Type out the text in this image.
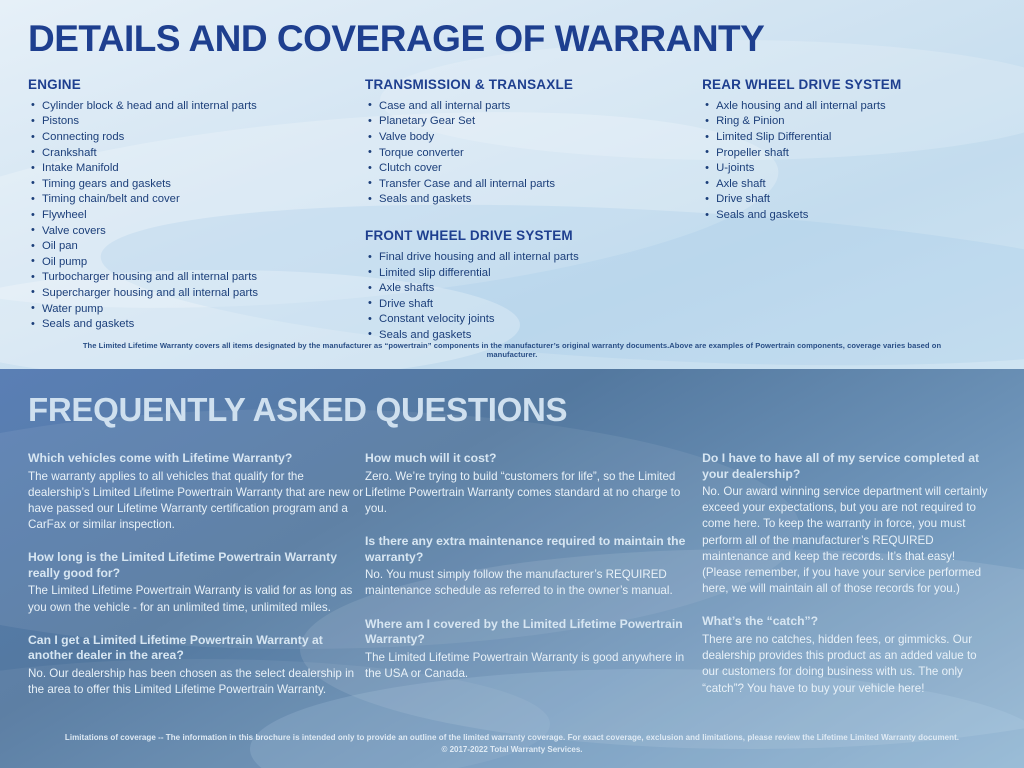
DETAILS AND COVERAGE OF WARRANTY
ENGINE
• Cylinder block & head and all internal parts
• Pistons
• Connecting rods
• Crankshaft
• Intake Manifold
• Timing gears and gaskets
• Timing chain/belt and cover
• Flywheel
• Valve covers
• Oil pan
• Oil pump
• Turbocharger housing and all internal parts
• Supercharger housing and all internal parts
• Water pump
• Seals and gaskets
TRANSMISSION & TRANSAXLE
• Case and all internal parts
• Planetary Gear Set
• Valve body
• Torque converter
• Clutch cover
• Transfer Case and all internal parts
• Seals and gaskets
FRONT WHEEL DRIVE SYSTEM
• Final drive housing and all internal parts
• Limited slip differential
• Axle shafts
• Drive shaft
• Constant velocity joints
• Seals and gaskets
REAR WHEEL DRIVE SYSTEM
• Axle housing and all internal parts
• Ring & Pinion
• Limited Slip Differential
• Propeller shaft
• U-joints
• Axle shaft
• Drive shaft
• Seals and gaskets
The Limited Lifetime Warranty covers all items designated by the manufacturer as “powertrain” components in the manufacturer’s original warranty documents.Above are examples of Powertrain components, coverage varies based on manufacturer.
FREQUENTLY ASKED QUESTIONS
Which vehicles come with Lifetime Warranty?
The warranty applies to all vehicles that qualify for the dealership’s Limited Lifetime Powertrain Warranty that are new or have passed our Lifetime Warranty certification program and a CarFax or similar inspection.
How long is the Limited Lifetime Powertrain Warranty really good for?
The Limited Lifetime Powertrain Warranty is valid for as long as you own the vehicle - for an unlimited time, unlimited miles.
Can I get a Limited Lifetime Powertrain Warranty at another dealer in the area?
No. Our dealership has been chosen as the select dealership in the area to offer this Limited Lifetime Powertrain Warranty.
How much will it cost?
Zero. We’re trying to build “customers for life”, so the Limited Lifetime Powertrain Warranty comes standard at no charge to you.
Is there any extra maintenance required to maintain the warranty?
No. You must simply follow the manufacturer’s REQUIRED maintenance schedule as referred to in the owner’s manual.
Where am I covered by the Limited Lifetime Powertrain Warranty?
The Limited Lifetime Powertrain Warranty is good anywhere in the USA or Canada.
Do I have to have all of my service completed at your dealership?
No. Our award winning service department will certainly exceed your expectations, but you are not required to come here. To keep the warranty in force, you must perform all of the manufacturer’s REQUIRED maintenance and keep the records. It’s that easy! (Please remember, if you have your service performed here, we will maintain all of those records for you.)
What’s the “catch”?
There are no catches, hidden fees, or gimmicks. Our dealership provides this product as an added value to our customers for doing business with us. The only “catch”? You have to buy your vehicle here!
Limitations of coverage -- The information in this brochure is intended only to provide an outline of the limited warranty coverage. For exact coverage, exclusion and limitations, please review the Lifetime Limited Warranty document.
© 2017-2022 Total Warranty Services.
